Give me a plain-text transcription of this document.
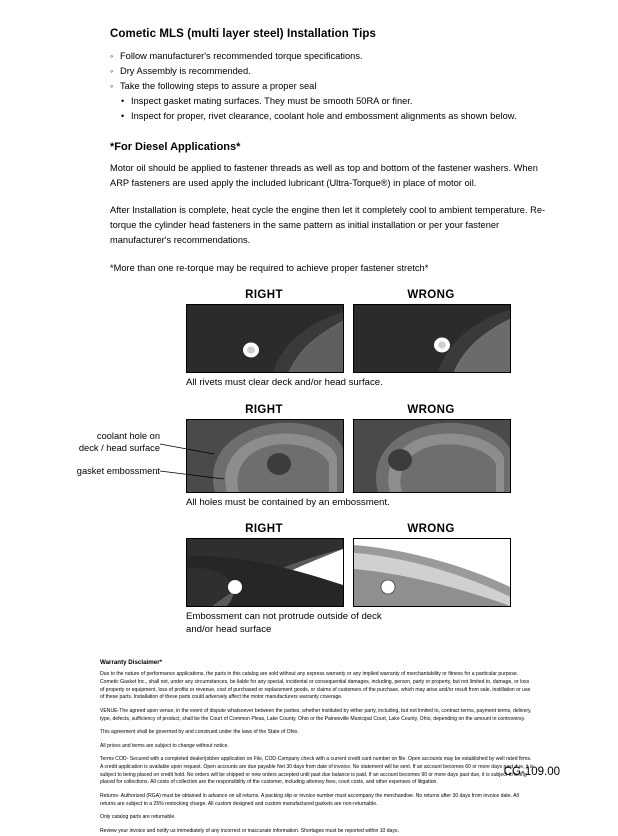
Cometic MLS (multi layer steel) Installation Tips
◦ Follow manufacturer's recommended torque specifications.
◦ Dry Assembly is recommended.
◦ Take the following steps to assure a proper seal
• Inspect gasket mating surfaces. They must be smooth 50RA or finer.
• Inspect for proper, rivet clearance, coolant hole and embossment alignments as shown below.
*For Diesel Applications*

Motor oil should be applied to fastener threads as well as top and bottom of the fastener washers. When ARP fasteners are used apply the included lubricant (Ultra-Torque®) in place of motor oil.

After Installation is complete, heat cycle the engine then let it completely cool to ambient temperature. Re-torque the cylinder head fasteners in the same pattern as initial installation or per your fastener manufacturer's recommendations.

*More than one re-torque may be required to achieve proper fastener stretch*

RIGHT	WRONG
All rivets must clear deck and/or head surface.
RIGHT	WRONG
All holes must be contained by an embossment.
coolant hole on
deck / head surface
gasket embossment
RIGHT	WRONG
Embossment can not protrude outside of deck
and/or head surface
Warranty Disclaimer*

Due to the nature of performance applications, the parts in this catalog are sold without any express warranty or any implied warranty of merchantability or fitness for a particular purpose. Cometic Gasket Inc., shall not, under any circumstances, be liable for any special, incidental or consequential damages, including, person, party or property, but not limited to, damage, or loss of property or equipment, loss of profits or revenue, cost of purchased or replacement goods, or claims of customers of the purchase, which may arise and/or result from sale, instillation or use of these parts. Installation of these parts could adversely affect the motor manufacturers warranty coverage.

VENUE-The agreed upon venue, in the event of dispute whatsoever between the parties, whether instituted by either party, including, but not limited to, contract terms, payment terms, delivery, type, defects, sufficiency of product, shall be the Court of Common Pleas, Lake County, Ohio or the Painesville Municipal Court, Lake County, Ohio, depending on the amount in controversy.

This agreement shall be governed by and construed under the laws of the State of Ohio.

All prices and terms are subject to change without notice.

Terms COD- Secured with a completed dealer/jobber application on File, COD-Company check with a current credit card number on file. Open accounts may be established by well rated firms. A credit application is available upon request. Open accounts are due payable Net 30 days from date of invoice. No statement will be sent. If an account becomes 60 or more days past due, it is subject to being placed on credit hold. No orders will be shipped or new orders accepted until past due balance is paid. If an account becomes 90 or more days past due, it is subject to being placed for collections. All costs of collection are the responsibility of the customer, including attorney fees, court costs, and other expenses of litigation.

Returns- Authorized (RGA) must be obtained in advance on all returns. A packing slip or invoice number must accompany the merchandise. No returns after 30 days from invoice date. All returns are subject to a 25% restocking charge. All custom designed and custom manufactured gaskets are non-returnable.

Only catalog parts are returnable.

Review your invoice and notify us immediately of any incorrect or inaccurate information. Shortages must be reported within 10 days.

CG-109.00
